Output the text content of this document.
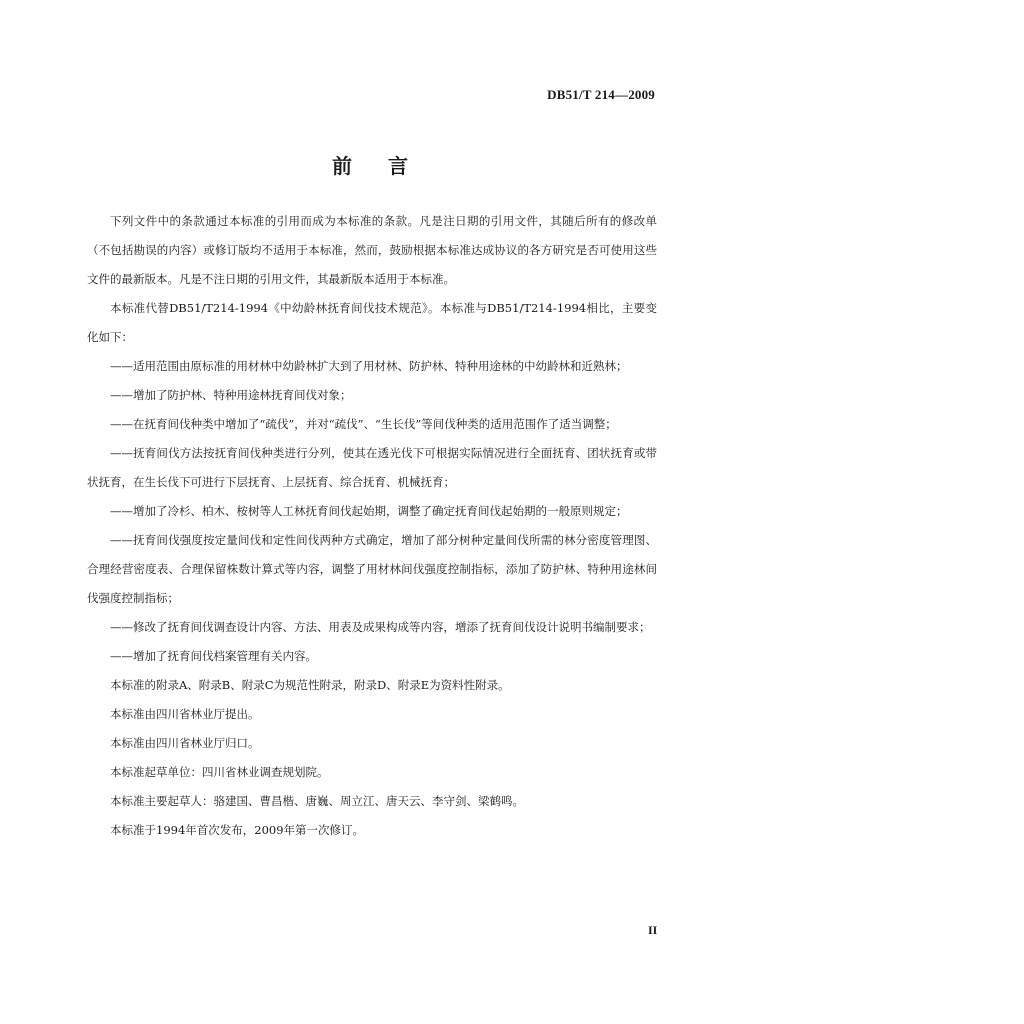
DB51/T 214—2009
前言

下列文件中的条款通过本标准的引用而成为本标准的条款。凡是注日期的引用文件，其随后所有的修改单（不包括勘误的内容）或修订版均不适用于本标准，然而，鼓励根据本标准达成协议的各方研究是否可使用这些文件的最新版本。凡是不注日期的引用文件，其最新版本适用于本标准。

本标准代替DB51/T214-1994《中幼龄林抚育间伐技术规范》。本标准与DB51/T214-1994相比，主要变化如下：

——适用范围由原标准的用材林中幼龄林扩大到了用材林、防护林、特种用途林的中幼龄林和近熟林；

——增加了防护林、特种用途林抚育间伐对象；

——在抚育间伐种类中增加了“疏伐”，并对“疏伐”、“生长伐”等间伐种类的适用范围作了适当调整；

——抚育间伐方法按抚育间伐种类进行分列，使其在透光伐下可根据实际情况进行全面抚育、团状抚育或带状抚育，在生长伐下可进行下层抚育、上层抚育、综合抚育、机械抚育；

——增加了冷杉、柏木、桉树等人工林抚育间伐起始期，调整了确定抚育间伐起始期的一般原则规定；

——抚育间伐强度按定量间伐和定性间伐两种方式确定，增加了部分树种定量间伐所需的林分密度管理图、合理经营密度表、合理保留株数计算式等内容，调整了用材林间伐强度控制指标，添加了防护林、特种用途林间伐强度控制指标；

——修改了抚育间伐调查设计内容、方法、用表及成果构成等内容，增添了抚育间伐设计说明书编制要求；

——增加了抚育间伐档案管理有关内容。

本标准的附录A、附录B、附录C为规范性附录，附录D、附录E为资料性附录。

本标准由四川省林业厅提出。

本标准由四川省林业厅归口。

本标准起草单位：四川省林业调查规划院。

本标准主要起草人：骆建国、曹昌楷、唐巍、周立江、唐天云、李守剑、梁鹤鸣。

本标准于1994年首次发布，2009年第一次修订。

II
